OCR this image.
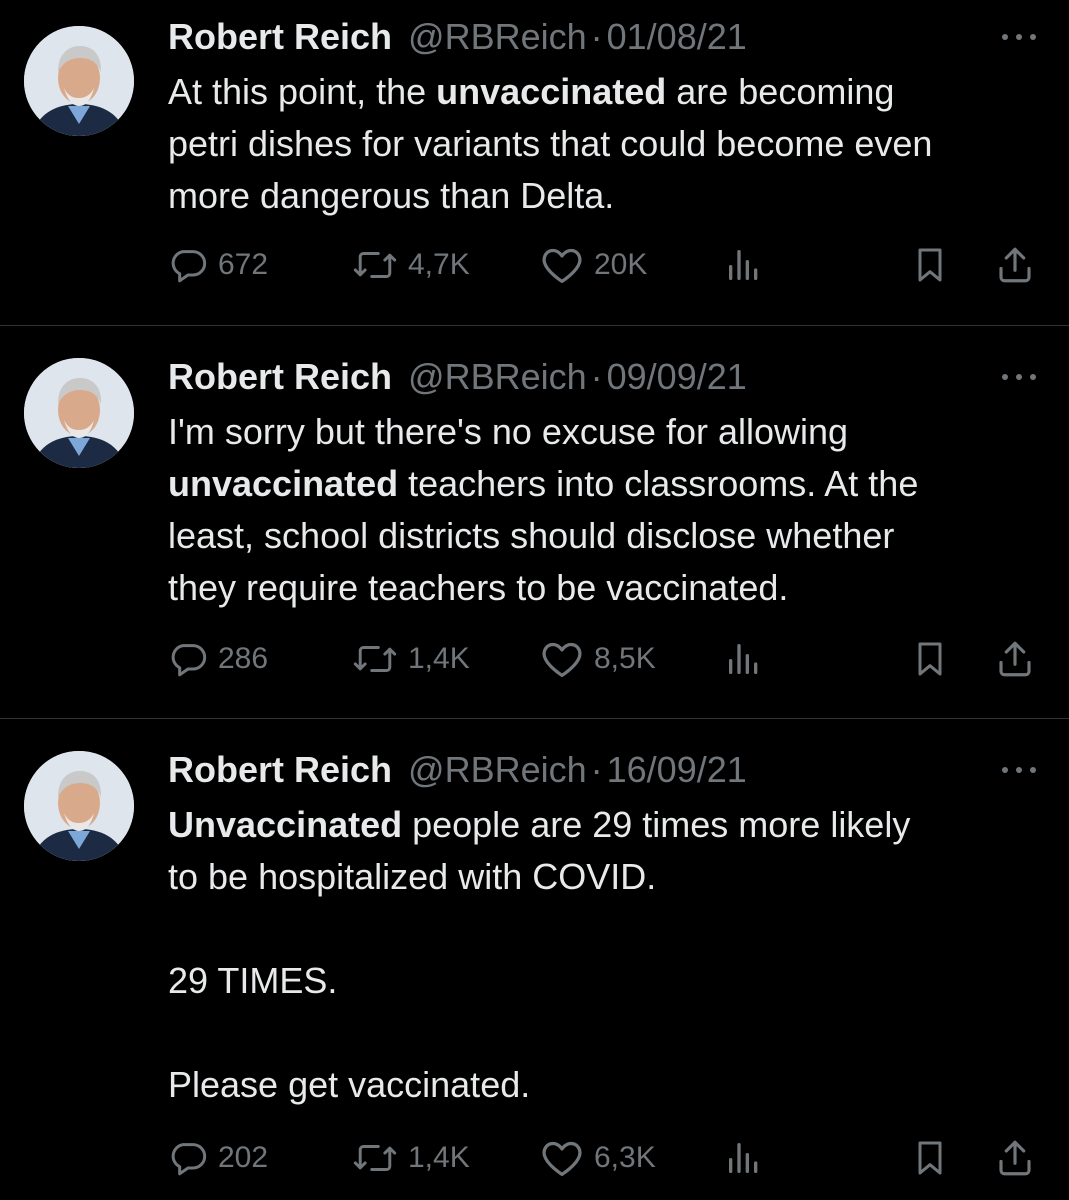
Robert Reich @RBReich · 01/08/21
At this point, the unvaccinated are becoming
petri dishes for variants that could become even
more dangerous than Delta.
672	4,7K	20K
Robert Reich @RBReich · 09/09/21
I'm sorry but there's no excuse for allowing
unvaccinated teachers into classrooms. At the
least, school districts should disclose whether
they require teachers to be vaccinated.
286	1,4K	8,5K
Robert Reich @RBReich · 16/09/21
Unvaccinated people are 29 times more likely
to be hospitalized with COVID.
29 TIMES.
Please get vaccinated.
202	1,4K	6,3K
